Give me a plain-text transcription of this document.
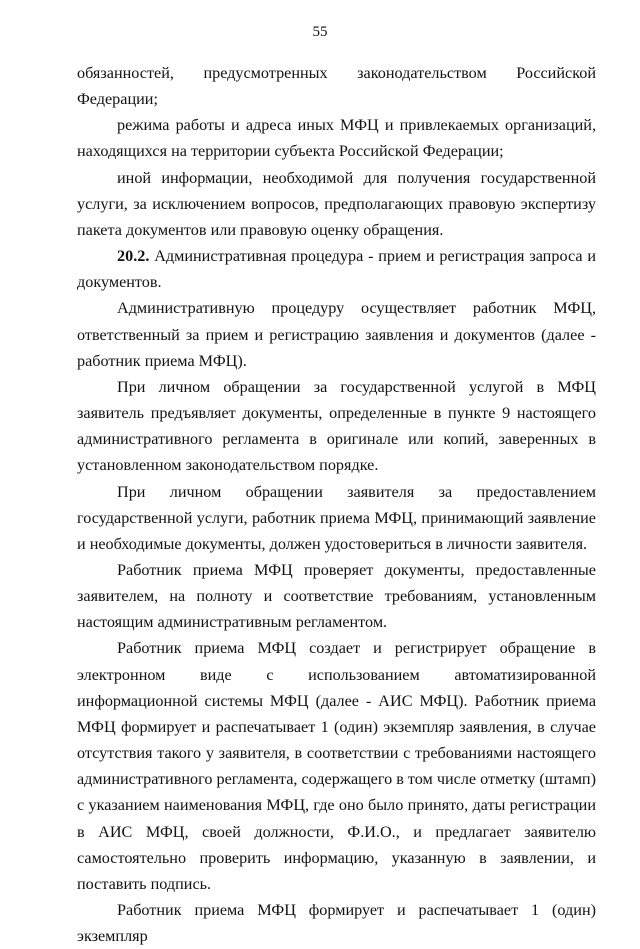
55

обязанностей, предусмотренных законодательством Российской Федерации;

режима работы и адреса иных МФЦ и привлекаемых организаций, находящихся на территории субъекта Российской Федерации;

иной информации, необходимой для получения государственной услуги, за исключением вопросов, предполагающих правовую экспертизу пакета документов или правовую оценку обращения.

20.2. Административная процедура - прием и регистрация запроса и документов.

Административную процедуру осуществляет работник МФЦ, ответственный за прием и регистрацию заявления и документов (далее - работник приема МФЦ).

При личном обращении за государственной услугой в МФЦ заявитель предъявляет документы, определенные в пункте 9 настоящего административного регламента в оригинале или копий, заверенных в установленном законодательством порядке.

При личном обращении заявителя за предоставлением государственной услуги, работник приема МФЦ, принимающий заявление и необходимые документы, должен удостовериться в личности заявителя.

Работник приема МФЦ проверяет документы, предоставленные заявителем, на полноту и соответствие требованиям, установленным настоящим административным регламентом.

Работник приема МФЦ создает и регистрирует обращение в электронном виде с использованием автоматизированной информационной системы МФЦ (далее - АИС МФЦ). Работник приема МФЦ формирует и распечатывает 1 (один) экземпляр заявления, в случае отсутствия такого у заявителя, в соответствии с требованиями настоящего административного регламента, содержащего в том числе отметку (штамп) с указанием наименования МФЦ, где оно было принято, даты регистрации в АИС МФЦ, своей должности, Ф.И.О., и предлагает заявителю самостоятельно проверить информацию, указанную в заявлении, и поставить подпись.

Работник приема МФЦ формирует и распечатывает 1 (один) экземпляр
